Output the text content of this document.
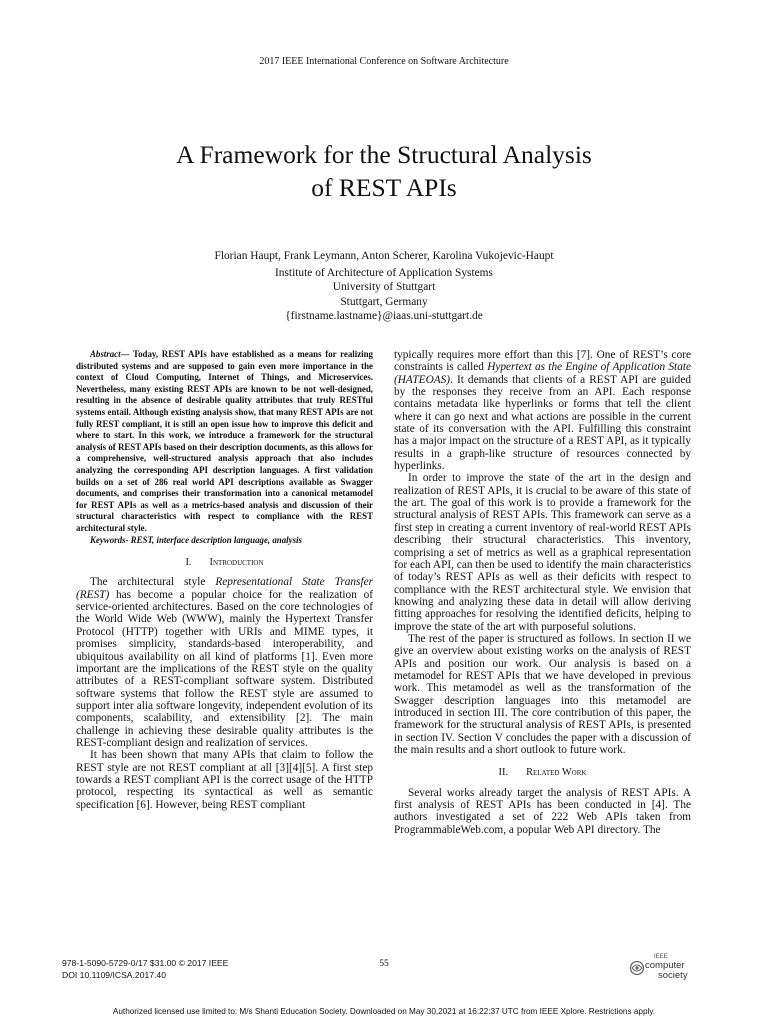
2017 IEEE International Conference on Software Architecture
A Framework for the Structural Analysis
of REST APIs
Florian Haupt, Frank Leymann, Anton Scherer, Karolina Vukojevic-Haupt
Institute of Architecture of Application Systems
University of Stuttgart
Stuttgart, Germany
{firstname.lastname}@iaas.uni-stuttgart.de

Abstract— Today, REST APIs have established as a means for realizing distributed systems and are supposed to gain even more importance in the context of Cloud Computing, Internet of Things, and Microservices. Nevertheless, many existing REST APIs are known to be not well-designed, resulting in the absence of desirable quality attributes that truly RESTful systems entail. Although existing analysis show, that many REST APIs are not fully REST compliant, it is still an open issue how to improve this deficit and where to start. In this work, we introduce a framework for the structural analysis of REST APIs based on their description documents, as this allows for a comprehensive, well-structured analysis approach that also includes analyzing the corresponding API description languages. A first validation builds on a set of 286 real world API descriptions available as Swagger documents, and comprises their transformation into a canonical metamodel for REST APIs as well as a metrics-based analysis and discussion of their structural characteristics with respect to compliance with the REST architectural style.

Keywords- REST, interface description language, analysis

I. Introduction

The architectural style Representational State Transfer (REST) has become a popular choice for the realization of service-oriented architectures. Based on the core technologies of the World Wide Web (WWW), mainly the Hypertext Transfer Protocol (HTTP) together with URIs and MIME types, it promises simplicity, standards-based interoperability, and ubiquitous availability on all kind of platforms [1]. Even more important are the implications of the REST style on the quality attributes of a REST-compliant software system. Distributed software systems that follow the REST style are assumed to support inter alia software longevity, independent evolution of its components, scalability, and extensibility [2]. The main challenge in achieving these desirable quality attributes is the REST-compliant design and realization of services.

It has been shown that many APIs that claim to follow the REST style are not REST compliant at all [3][4][5]. A first step towards a REST compliant API is the correct usage of the HTTP protocol, respecting its syntactical as well as semantic specification [6]. However, being REST compliant

typically requires more effort than this [7]. One of REST’s core constraints is called Hypertext as the Engine of Application State (HATEOAS). It demands that clients of a REST API are guided by the responses they receive from an API. Each response contains metadata like hyperlinks or forms that tell the client where it can go next and what actions are possible in the current state of its conversation with the API. Fulfilling this constraint has a major impact on the structure of a REST API, as it typically results in a graph-like structure of resources connected by hyperlinks.

In order to improve the state of the art in the design and realization of REST APIs, it is crucial to be aware of this state of the art. The goal of this work is to provide a framework for the structural analysis of REST APIs. This framework can serve as a first step in creating a current inventory of real-world REST APIs describing their structural characteristics. This inventory, comprising a set of metrics as well as a graphical representation for each API, can then be used to identify the main characteristics of today’s REST APIs as well as their deficits with respect to compliance with the REST architectural style. We envision that knowing and analyzing these data in detail will allow deriving fitting approaches for resolving the identified deficits, helping to improve the state of the art with purposeful solutions.

The rest of the paper is structured as follows. In section II we give an overview about existing works on the analysis of REST APIs and position our work. Our analysis is based on a metamodel for REST APIs that we have developed in previous work. This metamodel as well as the transformation of the Swagger description languages into this metamodel are introduced in section III. The core contribution of this paper, the framework for the structural analysis of REST APIs, is presented in section IV. Section V concludes the paper with a discussion of the main results and a short outlook to future work.

II. Related Work

Several works already target the analysis of REST APIs. A first analysis of REST APIs has been conducted in [4]. The authors investigated a set of 222 Web APIs taken from ProgrammableWeb.com, a popular Web API directory. The

978-1-5090-5729-0/17 $31.00 © 2017 IEEE
DOI 10.1109/ICSA.2017.40
55
IEEE
computer
society
Authorized licensed use limited to: M/s Shanti Education Society. Downloaded on May 30,2021 at 16:22:37 UTC from IEEE Xplore. Restrictions apply.
